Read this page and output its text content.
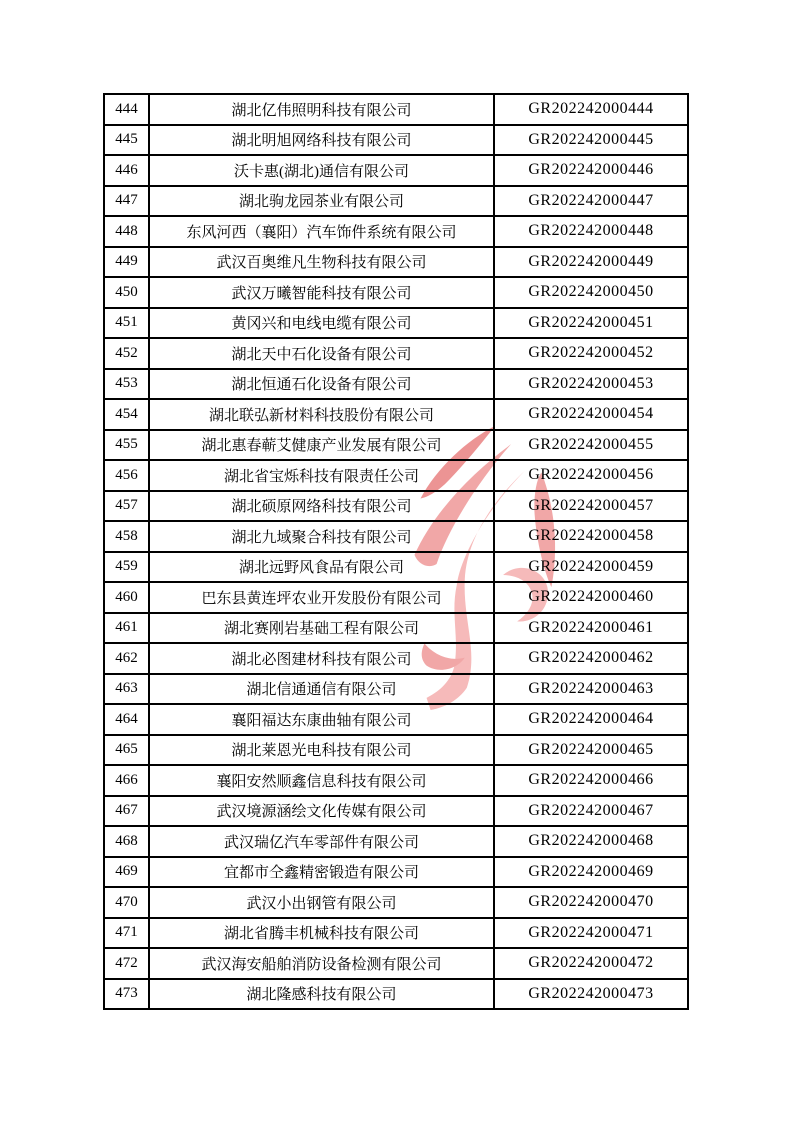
444	湖北亿伟照明科技有限公司	GR202242000444
445	湖北明旭网络科技有限公司	GR202242000445
446	沃卡惠(湖北)通信有限公司	GR202242000446
447	湖北驹龙园茶业有限公司	GR202242000447
448	东风河西（襄阳）汽车饰件系统有限公司	GR202242000448
449	武汉百奥维凡生物科技有限公司	GR202242000449
450	武汉万曦智能科技有限公司	GR202242000450
451	黄冈兴和电线电缆有限公司	GR202242000451
452	湖北天中石化设备有限公司	GR202242000452
453	湖北恒通石化设备有限公司	GR202242000453
454	湖北联弘新材料科技股份有限公司	GR202242000454
455	湖北惠春蕲艾健康产业发展有限公司	GR202242000455
456	湖北省宝烁科技有限责任公司	GR202242000456
457	湖北硕原网络科技有限公司	GR202242000457
458	湖北九域聚合科技有限公司	GR202242000458
459	湖北远野风食品有限公司	GR202242000459
460	巴东县黄连坪农业开发股份有限公司	GR202242000460
461	湖北赛刚岩基础工程有限公司	GR202242000461
462	湖北必图建材科技有限公司	GR202242000462
463	湖北信通通信有限公司	GR202242000463
464	襄阳福达东康曲轴有限公司	GR202242000464
465	湖北莱恩光电科技有限公司	GR202242000465
466	襄阳安然顺鑫信息科技有限公司	GR202242000466
467	武汉境源涵绘文化传媒有限公司	GR202242000467
468	武汉瑞亿汽车零部件有限公司	GR202242000468
469	宜都市仝鑫精密锻造有限公司	GR202242000469
470	武汉小出钢管有限公司	GR202242000470
471	湖北省腾丰机械科技有限公司	GR202242000471
472	武汉海安船舶消防设备检测有限公司	GR202242000472
473	湖北隆感科技有限公司	GR202242000473
